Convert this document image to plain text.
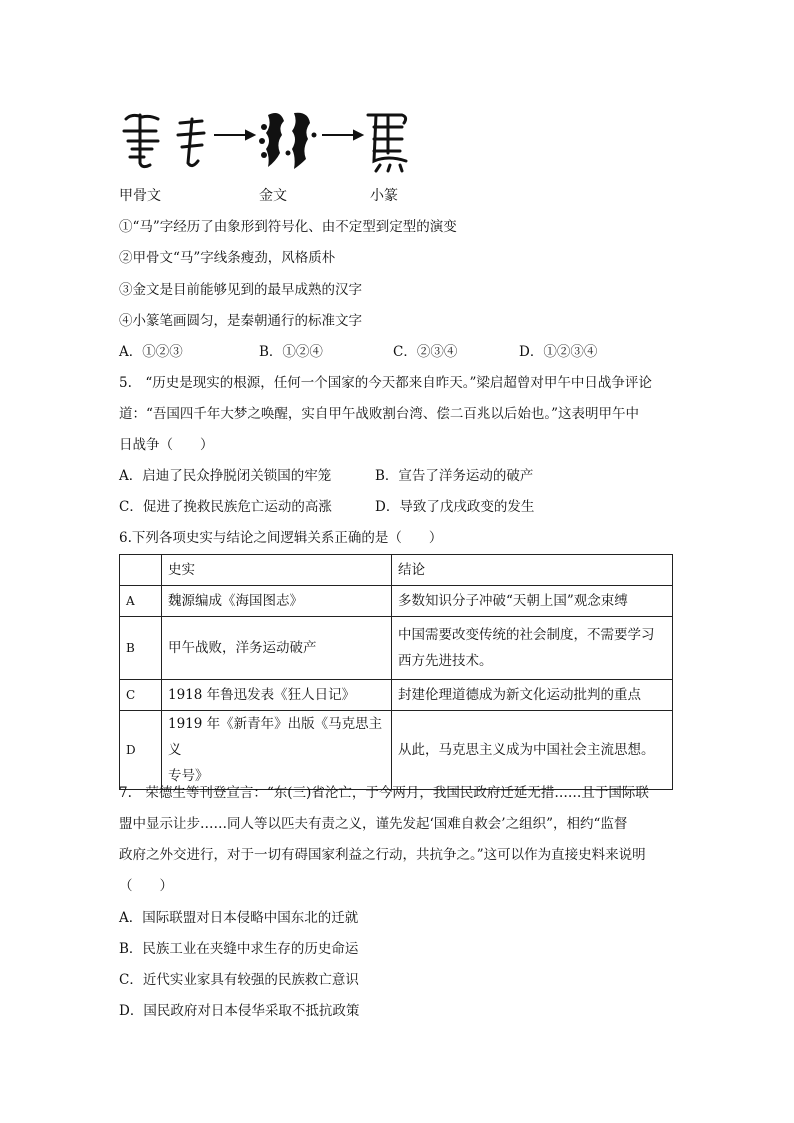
甲骨文	金文	小篆
①“马”字经历了由象形到符号化、由不定型到定型的演变
②甲骨文“马”字线条瘦劲，风格质朴
③金文是目前能够见到的最早成熟的汉字
④小篆笔画圆匀，是秦朝通行的标准文字
A．①②③	B．①②④	C．②③④	D．①②③④
5.　“历史是现实的根源，任何一个国家的今天都来自昨天。”梁启超曾对甲午中日战争评论
道：“吾国四千年大梦之唤醒，实自甲午战败割台湾、偿二百兆以后始也。”这表明甲午中
日战争（　　）
A．启迪了民众挣脱闭关锁国的牢笼	B．宣告了洋务运动的破产
C．促进了挽救民族危亡运动的高涨	D．导致了戊戌政变的发生
6.下列各项史实与结论之间逻辑关系正确的是（　　）
	史实	结论
A	魏源编成《海国图志》	多数知识分子冲破“天朝上国”观念束缚

B	甲午战败，洋务运动破产	中国需要改变传统的社会制度，不需要学习
西方先进技术。

C	1918 年鲁迅发表《狂人日记》	封建伦理道德成为新文化运动批判的重点

D	1919 年《新青年》出版《马克思主义
专号》	从此，马克思主义成为中国社会主流思想。
7.　荣德生等刊登宣言：“东(三)省沦亡，于今两月，我国民政府迁延无措……且于国际联
盟中显示让步……同人等以匹夫有责之义，谨先发起‘国难自救会’之组织”，相约“监督
政府之外交进行，对于一切有碍国家利益之行动，共抗争之。”这可以作为直接史料来说明
（　　）
A．国际联盟对日本侵略中国东北的迁就
B．民族工业在夹缝中求生存的历史命运
C．近代实业家具有较强的民族救亡意识
D．国民政府对日本侵华采取不抵抗政策
